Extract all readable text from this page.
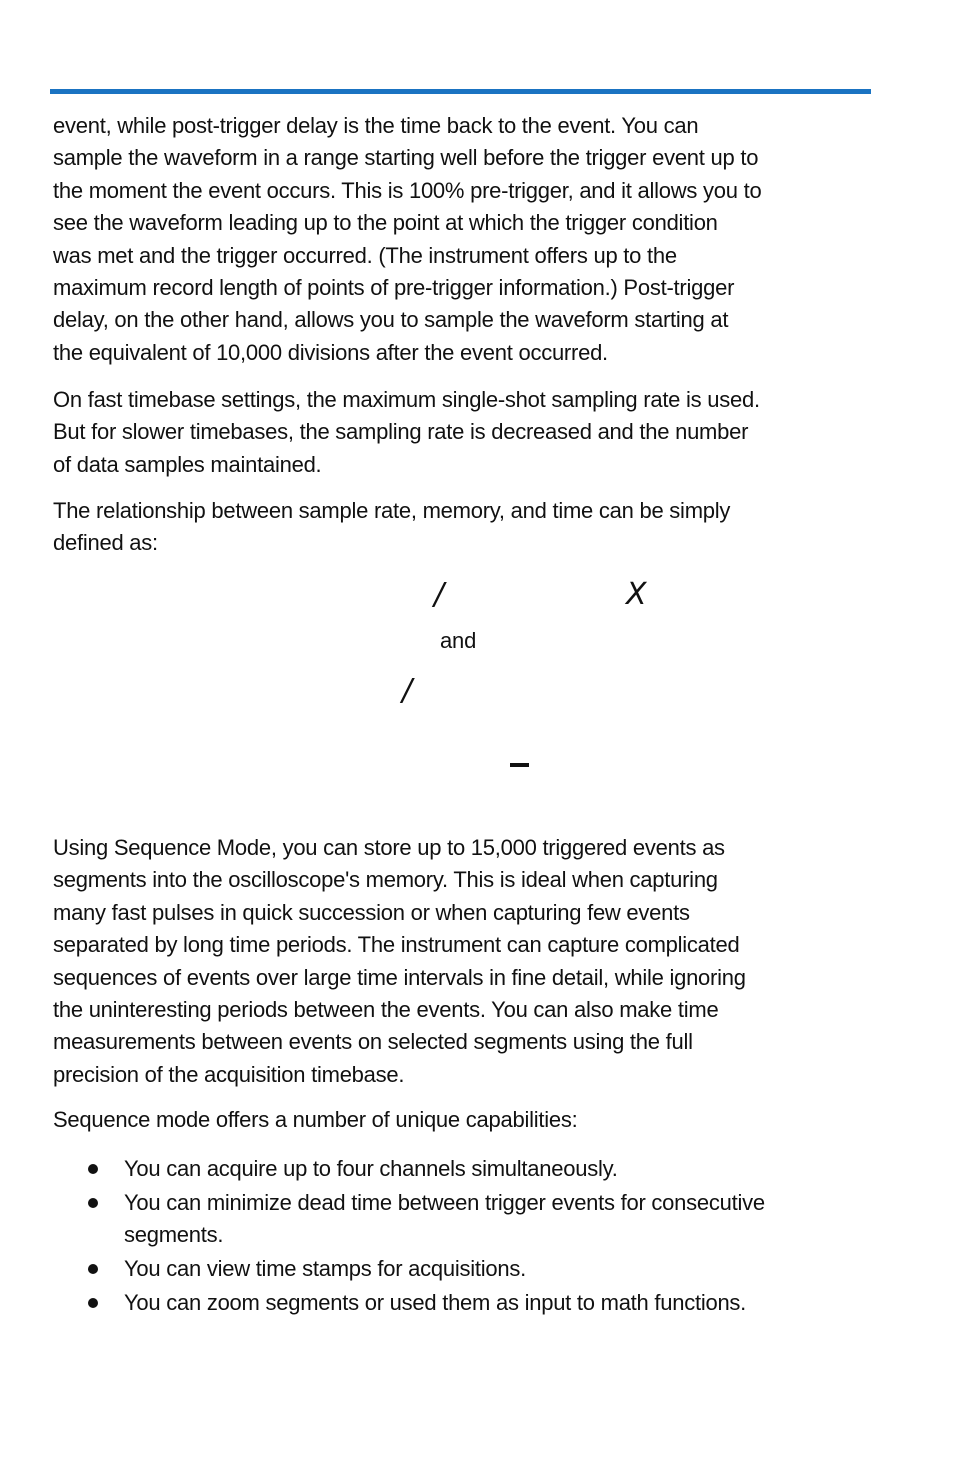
event, while post-trigger delay is the time back to the event. You can
sample the waveform in a range starting well before the trigger event up to
the moment the event occurs. This is 100% pre-trigger, and it allows you to
see the waveform leading up to the point at which the trigger condition
was met and the trigger occurred. (The instrument offers up to the
maximum record length of points of pre-trigger information.) Post-trigger
delay, on the other hand, allows you to sample the waveform starting at
the equivalent of 10,000 divisions after the event occurred.

On fast timebase settings, the maximum single-shot sampling rate is used.
But for slower timebases, the sampling rate is decreased and the number
of data samples maintained.

The relationship between sample rate, memory, and time can be simply
defined as:

/	X
and
/

Using Sequence Mode, you can store up to 15,000 triggered events as
segments into the oscilloscope's memory. This is ideal when capturing
many fast pulses in quick succession or when capturing few events
separated by long time periods. The instrument can capture complicated
sequences of events over large time intervals in fine detail, while ignoring
the uninteresting periods between the events. You can also make time
measurements between events on selected segments using the full
precision of the acquisition timebase.

Sequence mode offers a number of unique capabilities:

You can acquire up to four channels simultaneously.
You can minimize dead time between trigger events for consecutive
segments.
You can view time stamps for acquisitions.
You can zoom segments or used them as input to math functions.
